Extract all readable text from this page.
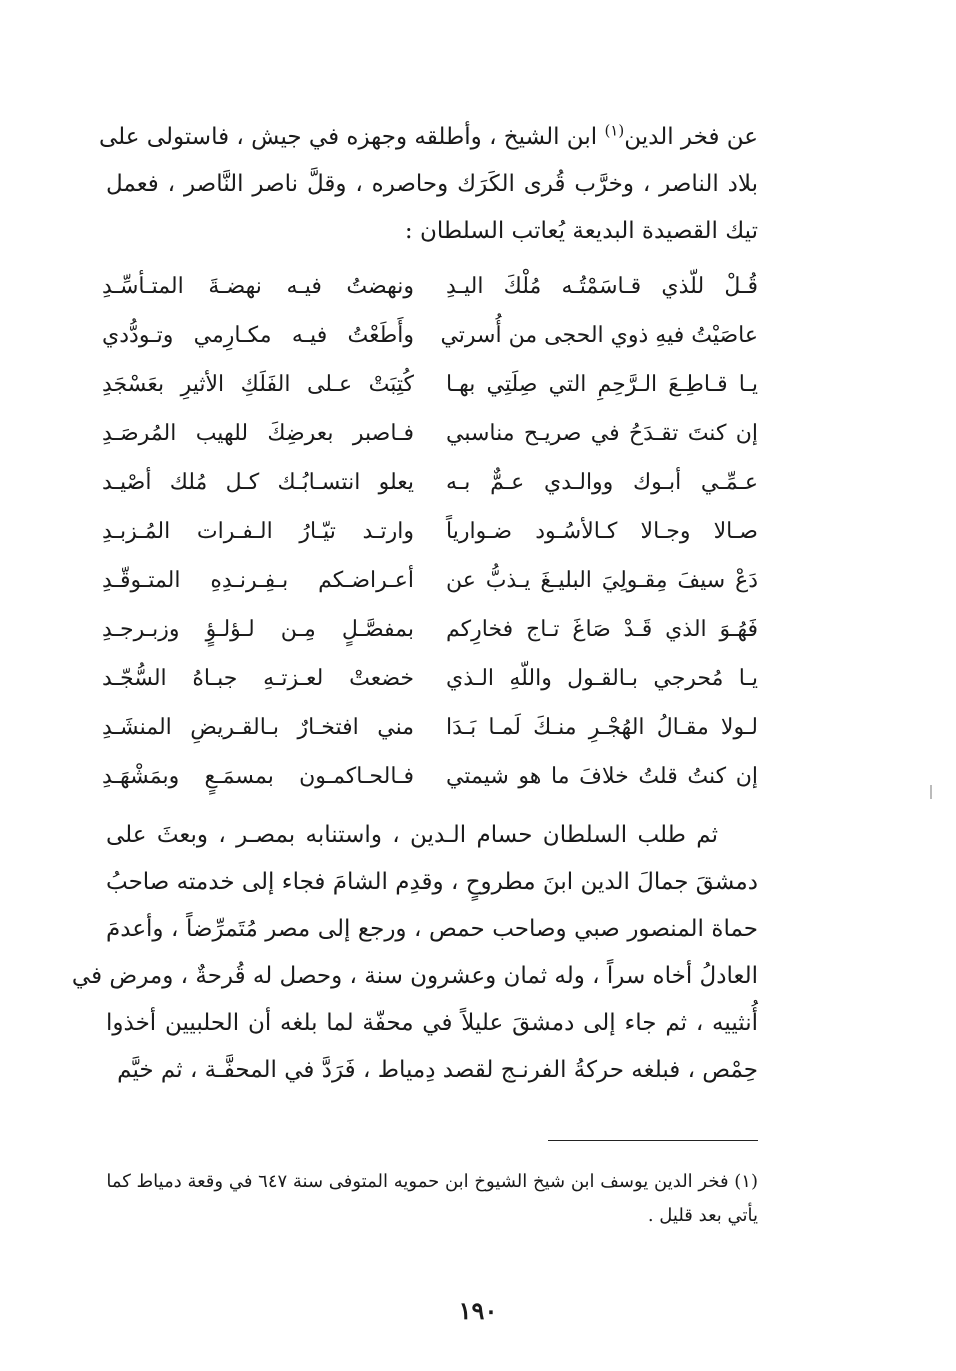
عن فخر الدين$^{(١)}$ ابن الشيخ ، وأطلقه وجهزه في جيش ، فاستولى على

بلاد الناصر ، وخرَّب قُرى الكَرَك وحاصره ، وقلَّ ناصر النَّاصر ، فعمل

تيك القصيدة البديعة يُعاتب السلطان :

قُـلْ للّذي قـاسَمْتُـه مُلْكَ اليـدِ
ونهضتُ فيـه نهضـةَ المتـأسِّـدِ
عاصَيْتُ فيهِ ذوي الحجى من أُسرتي
وأَطَعْتُ فيـه مكـارِمي وتـودُّدي
يـا قـاطِـعَ الـرَّحِمِ التي صِلَتِي بهـا
كُتِبَتْ عـلى الفَلَكِ الأثيرِ بعَسْجَدِ
إن كنتَ تقـدَحُ في صريـح مناسبي
فـاصبر بعرضِكَ للهيب المُرصَـدِ
عـمِّـي أبـوك ووالـدي عـمٌّ بـه
يعلو انتسـابُـك كـل مُلك أصْيـد
صـالا وجـالا كـالأسُـود ضـوارياً
وارتـد تيّـارُ الـفـرات المُـزبـدِ
دَعْ سيفَ مِقـولِيَ البليـغَ يـذبُّ عن
أعـراضـكم بـفِـرنـدِهِ المتـوقّـدِ
فَهُـوَ الذي قَـدْ صَاغَ تـاج فخارِكم
بمفصَّـلٍ مِـن لـؤلـؤٍ وزبـرجـدِ
يـا مُحرجي بـالقـول واللّهِ الـذي
خضعتْ لعـزتـهِ جبـاهُ السُّجّـد
لـولا مقـالُ الهُجْـرِ منـكَ لَمـا بَـدَا
مني افتخـارٌ بـالقـريضِ المنشَـدِ
إن كنتُ قلتُ خلافَ ما هو شيمتي
فـالحـاكمـون بمسمَـعٍ وبمَشْهَـدِ

ثم طلب السلطان حسام الـدين ، واستنابه بمصـر ، وبعثَ على

دمشقَ جمالَ الدين ابنَ مطروحٍ ، وقدِم الشامَ فجاء إلى خدمته صاحبُ

حماة المنصور صبي وصاحب حمص ، ورجع إلى مصر مُتَمرِّضاً ، وأعدمَ

العادلُ أخاه سراً ، وله ثمان وعشرون سنة ، وحصل له قُرحةٌ ، ومرض في

أُنثييه ، ثم جاء إلى دمشقَ عليلاً في محفّة لما بلغه أن الحلبيين أخذوا

حِمْص ، فبلغه حركةُ الفرنـج لقصد دِمياط ، فَرَدَّ في المحفَّـة ، ثم خيَّم

(١) فخر الدين يوسف ابن شيخ الشيوخ ابن حمويه المتوفى سنة ٦٤٧ في وقعة دمياط كما

يأتي بعد قليل .

١٩٠
